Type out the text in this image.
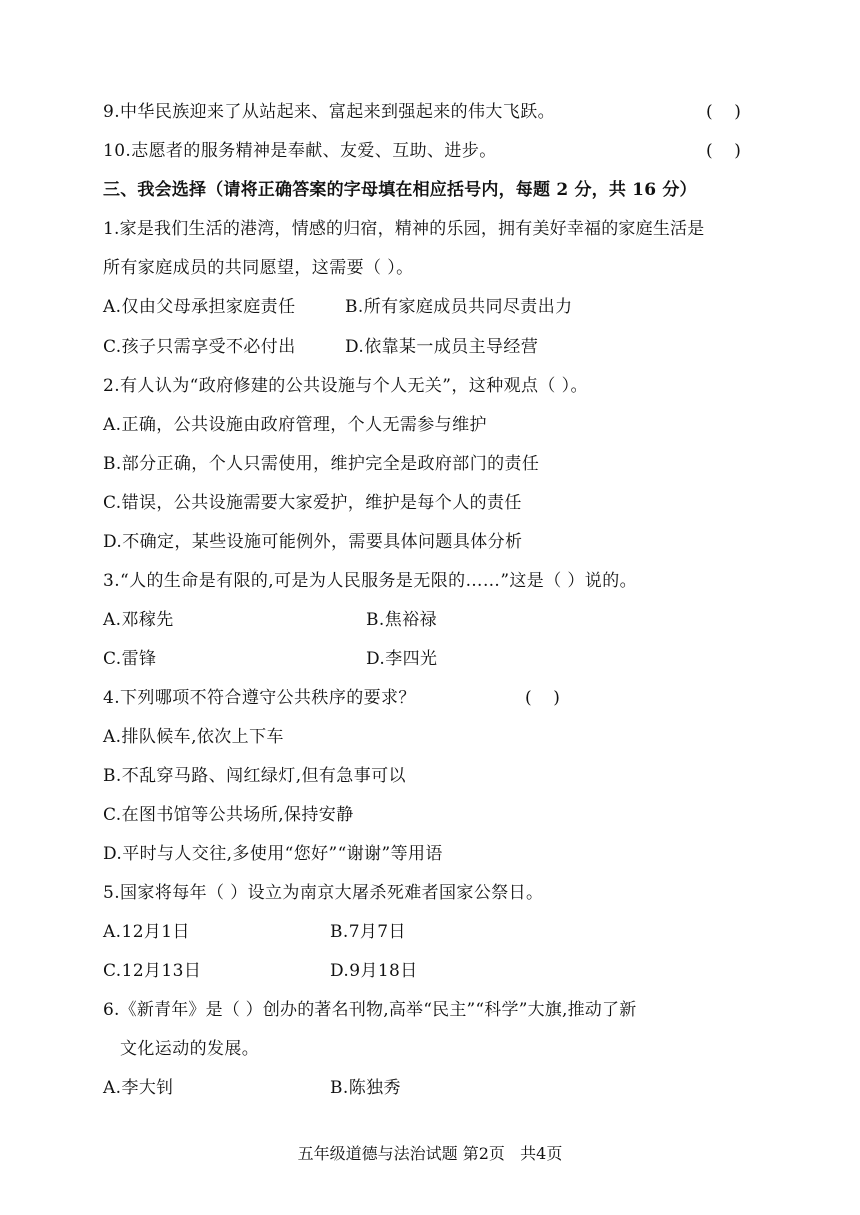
9.中华民族迎来了从站起来、富起来到强起来的伟大飞跃。	(    )
10.志愿者的服务精神是奉献、友爱、互助、进步。	(    )
三、我会选择（请将正确答案的字母填在相应括号内，每题 2 分，共 16 分）
1.家是我们生活的港湾，情感的归宿，精神的乐园，拥有美好幸福的家庭生活是
所有家庭成员的共同愿望，这需要（ ）。
A.仅由父母承担家庭责任	B.所有家庭成员共同尽责出力
C.孩子只需享受不必付出	D.依靠某一成员主导经营
2.有人认为“政府修建的公共设施与个人无关”，这种观点（ ）。
A.正确，公共设施由政府管理，个人无需参与维护
B.部分正确，个人只需使用，维护完全是政府部门的责任
C.错误，公共设施需要大家爱护，维护是每个人的责任
D.不确定，某些设施可能例外，需要具体问题具体分析
3.“人的生命是有限的,可是为人民服务是无限的……”这是（ ）说的。
A.邓稼先	B.焦裕禄
C.雷锋	D.李四光
4.下列哪项不符合遵守公共秩序的要求？	(    )
A.排队候车,依次上下车
B.不乱穿马路、闯红绿灯,但有急事可以
C.在图书馆等公共场所,保持安静
D.平时与人交往,多使用“您好”“谢谢”等用语
5.国家将每年（ ）设立为南京大屠杀死难者国家公祭日。
A.12月1日	B.7月7日
C.12月13日	D.9月18日
6.《新青年》是（ ）创办的著名刊物,高举“民主”“科学”大旗,推动了新
文化运动的发展。
A.李大钊	B.陈独秀
五年级道德与法治试题 第2页   共4页
